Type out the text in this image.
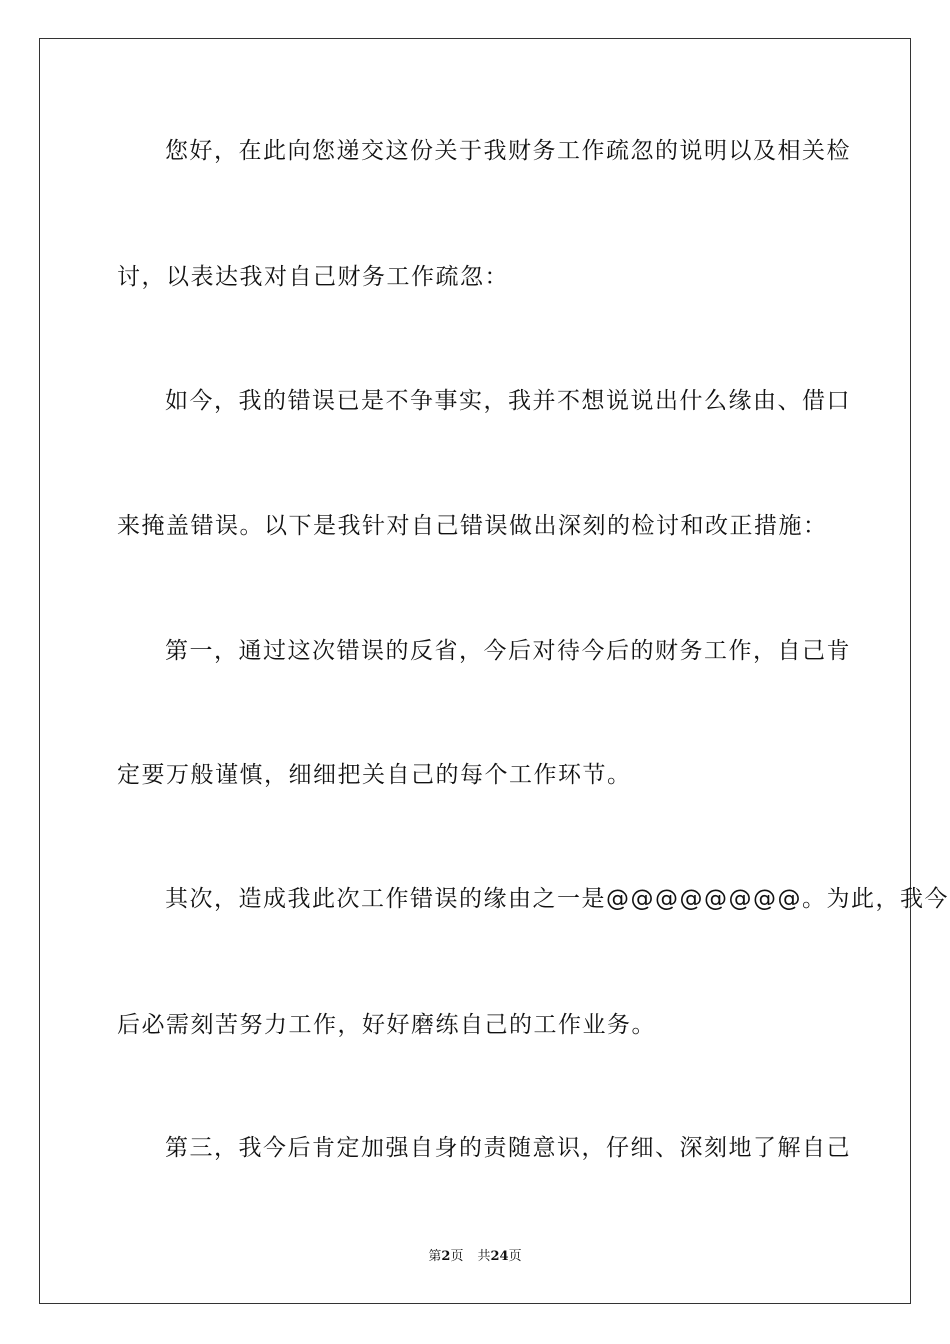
您好，在此向您递交这份关于我财务工作疏忽的说明以及相关检
讨，以表达我对自己财务工作疏忽：
如今，我的错误已是不争事实，我并不想说说出什么缘由、借口
来掩盖错误。以下是我针对自己错误做出深刻的检讨和改正措施：
第一，通过这次错误的反省，今后对待今后的财务工作，自己肯
定要万般谨慎，细细把关自己的每个工作环节。
其次，造成我此次工作错误的缘由之一是@@@@@@@@。为此，我今
后必需刻苦努力工作，好好磨练自己的工作业务。
第三，我今后肯定加强自身的责随意识，仔细、深刻地了解自己
第2页 共24页
